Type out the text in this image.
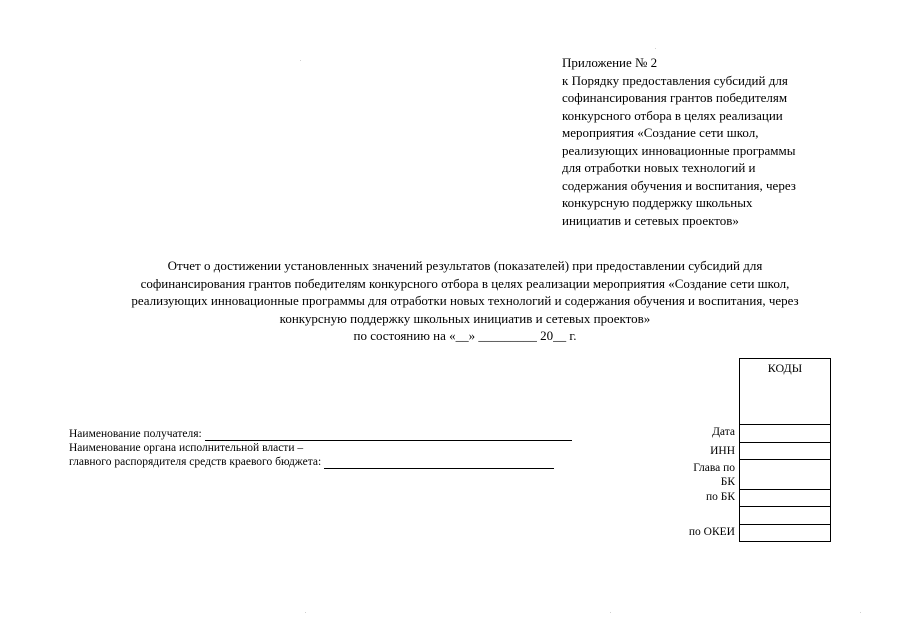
Приложение № 2
к Порядку предоставления субсидий для
софинансирования грантов победителям
конкурсного отбора в целях реализации
мероприятия «Создание сети школ,
реализующих инновационные программы
для отработки новых технологий и
содержания обучения и воспитания, через
конкурсную поддержку школьных
инициатив и сетевых проектов»
Отчет о достижении установленных значений результатов (показателей) при предоставлении субсидий для
софинансирования грантов победителям конкурсного отбора в целях реализации мероприятия «Создание сети школ,
реализующих инновационные программы для отработки новых технологий и содержания обучения и воспитания, через
конкурсную поддержку школьных инициатив и сетевых проектов»
по состоянию на «__» _________ 20__ г.
Наименование получателя:
Наименование органа исполнительной власти –
главного распорядителя средств краевого бюджета:
Дата
ИНН
Глава по
БК
по БК
по ОКЕИ
КОДЫ
